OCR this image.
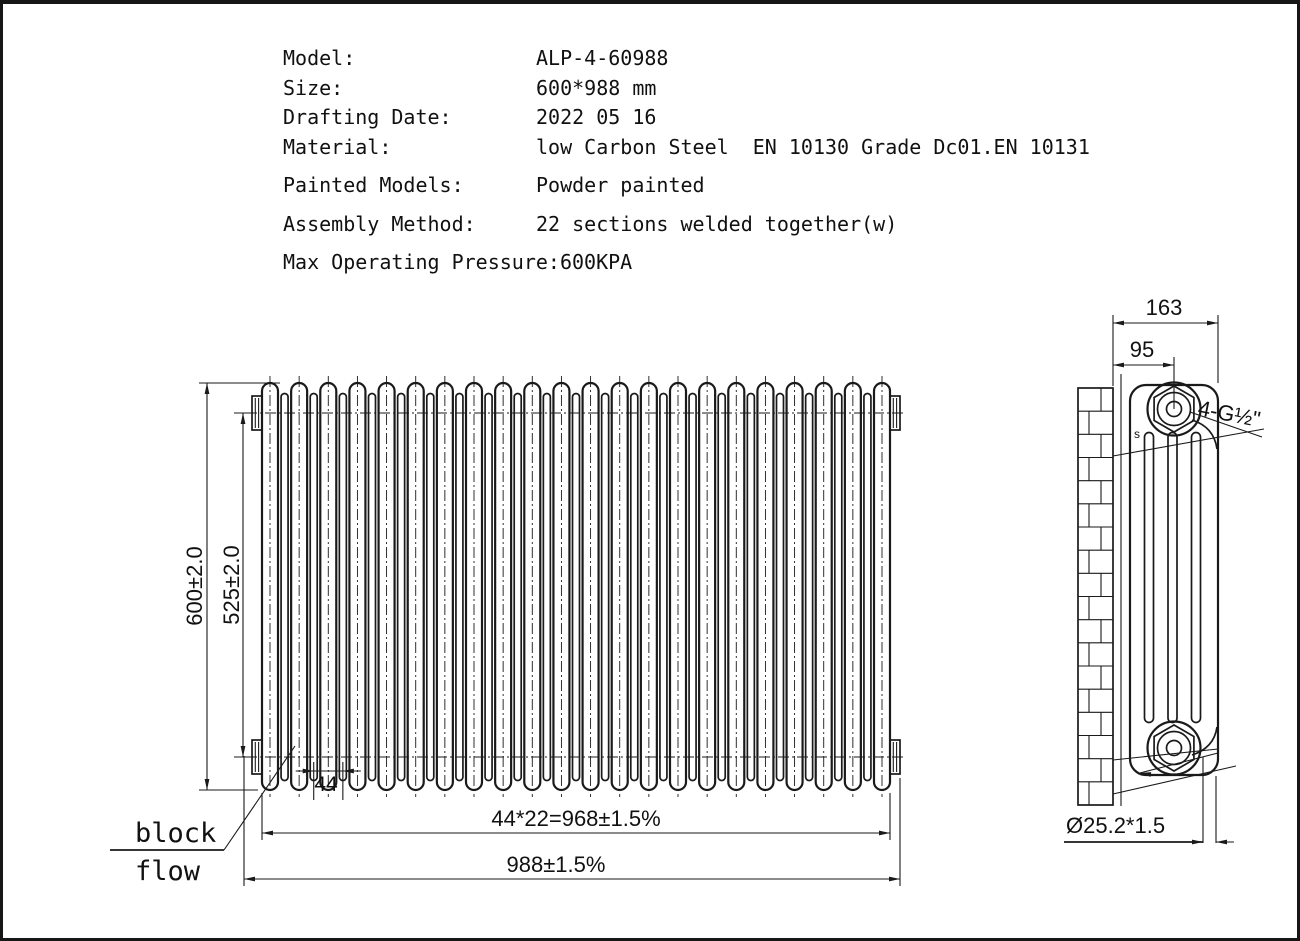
Model:	ALP-4-60988
Size:	600*988 mm
Drafting Date:	2022 05 16
Material:	low Carbon Steel  EN 10130 Grade Dc01.EN 10131
Painted Models:	Powder painted
Assembly Method:	22 sections welded together(w)
Max Operating Pressure: 600KPA
600±2.0 525±2.0
44
44*22=968±1.5%
988±1.5%
block
flow
163
95
4-G½"
Ø25.2*1.5
s
